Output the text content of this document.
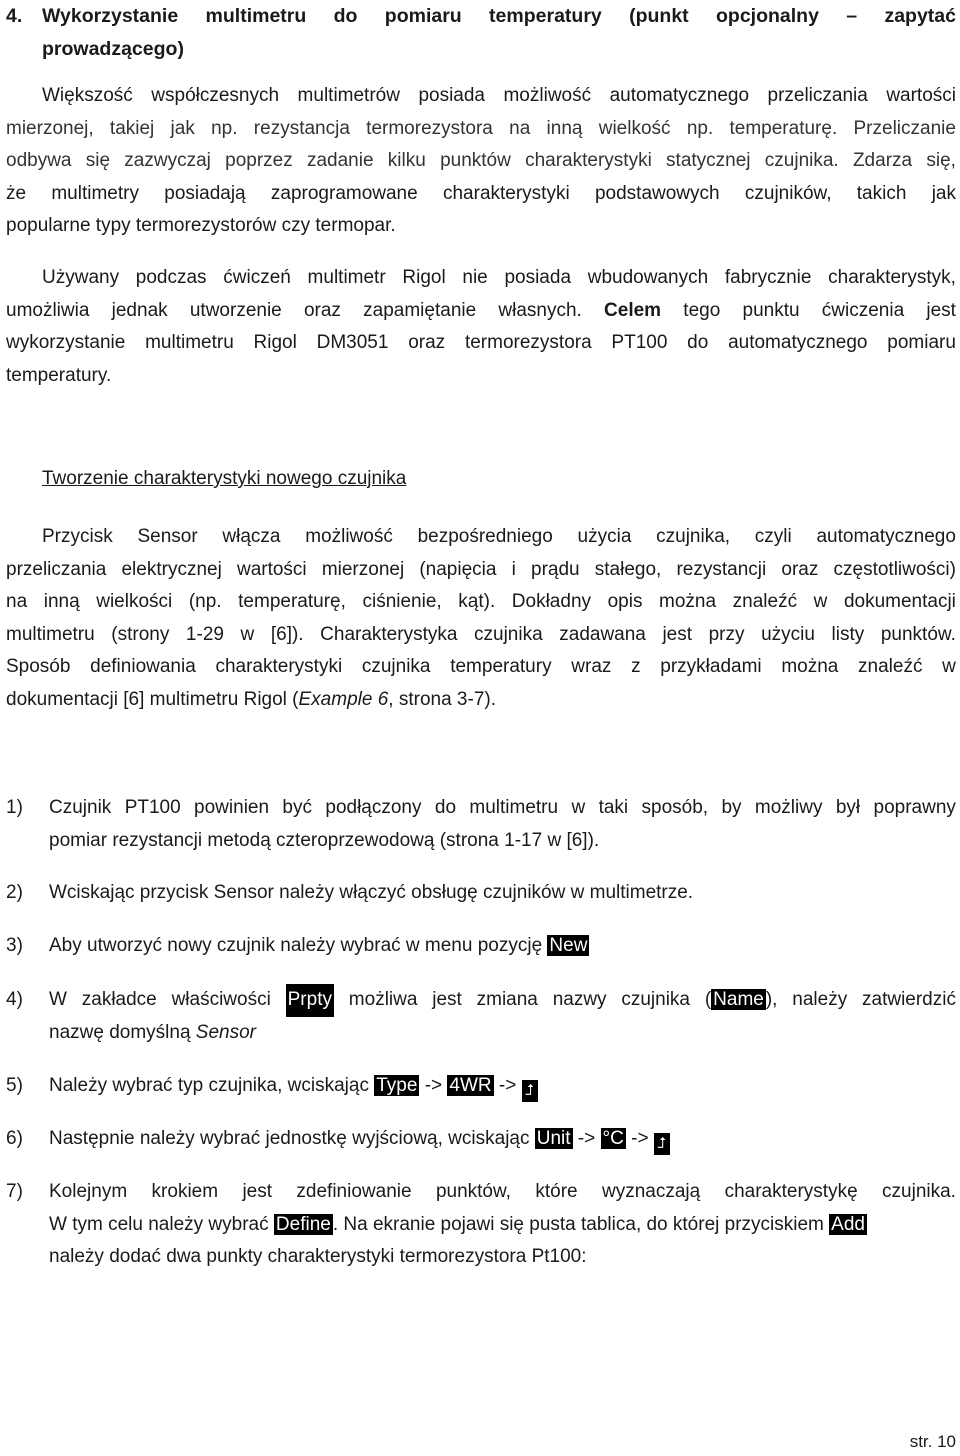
4. Wykorzystanie multimetru do pomiaru temperatury (punkt opcjonalny – zapytać
prowadzącego)
Większość współczesnych multimetrów posiada możliwość automatycznego przeliczania wartości
mierzonej, takiej jak np. rezystancja termorezystora na inną wielkość np. temperaturę. Przeliczanie
odbywa się zazwyczaj poprzez zadanie kilku punktów charakterystyki statycznej czujnika. Zdarza się,
że multimetry posiadają zaprogramowane charakterystyki podstawowych czujników, takich jak
popularne typy termorezystorów czy termopar.
Używany podczas ćwiczeń multimetr Rigol nie posiada wbudowanych fabrycznie charakterystyk,
umożliwia jednak utworzenie oraz zapamiętanie własnych. Celem tego punktu ćwiczenia jest
wykorzystanie multimetru Rigol DM3051 oraz termorezystora PT100 do automatycznego pomiaru
temperatury.
Tworzenie charakterystyki nowego czujnika
Przycisk Sensor włącza możliwość bezpośredniego użycia czujnika, czyli automatycznego
przeliczania elektrycznej wartości mierzonej (napięcia i prądu stałego, rezystancji oraz częstotliwości)
na inną wielkości (np. temperaturę, ciśnienie, kąt). Dokładny opis można znaleźć w dokumentacji
multimetru (strony 1-29 w [6]). Charakterystyka czujnika zadawana jest przy użyciu listy punktów.
Sposób definiowania charakterystyki czujnika temperatury wraz z przykładami można znaleźć w
dokumentacji [6] multimetru Rigol (Example 6, strona 3-7).
1) Czujnik PT100 powinien być podłączony do multimetru w taki sposób, by możliwy był poprawny
pomiar rezystancji metodą czteroprzewodową (strona 1-17 w [6]).
2) Wciskając przycisk Sensor należy włączyć obsługę czujników w multimetrze.
3) Aby utworzyć nowy czujnik należy wybrać w menu pozycję New
4) W zakładce właściwości Prpty możliwa jest zmiana nazwy czujnika ( Name ), należy zatwierdzić
nazwę domyślną Sensor
5) Należy wybrać typ czujnika, wciskając Type -> 4WR -> ⮥
6) Następnie należy wybrać jednostkę wyjściową, wciskając Unit -> °C -> ⮥
7) Kolejnym krokiem jest zdefiniowanie punktów, które wyznaczają charakterystykę czujnika.
W tym celu należy wybrać Define . Na ekranie pojawi się pusta tablica, do której przyciskiem Add
należy dodać dwa punkty charakterystyki termorezystora Pt100:
str. 10
